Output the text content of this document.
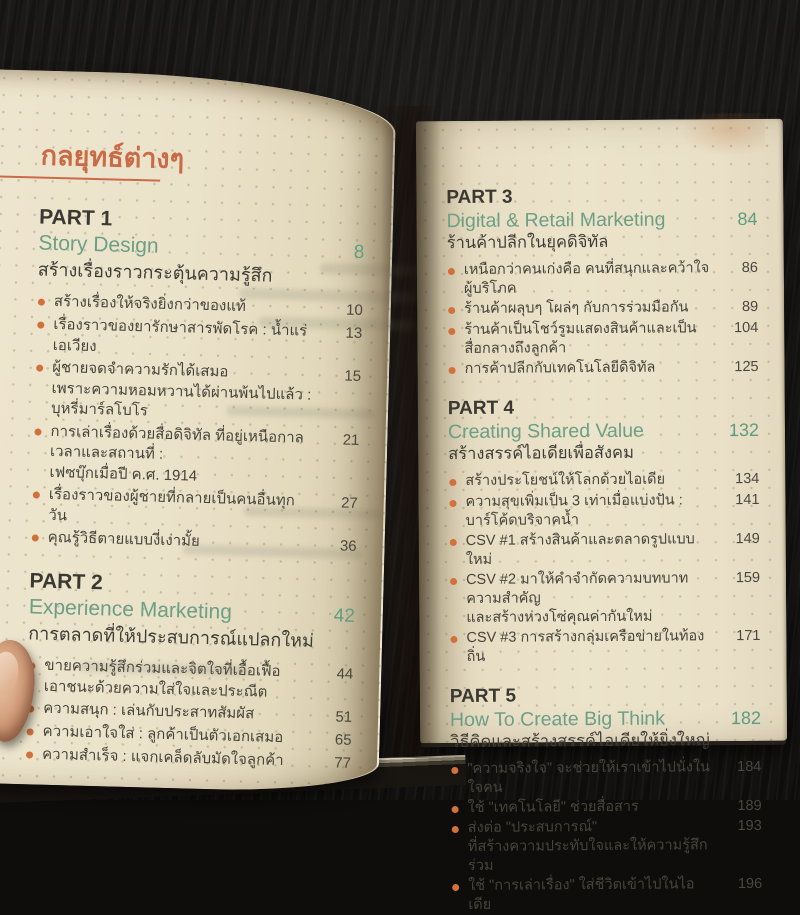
กลยุทธ์ต่างๆ
PART 1
Story Design	8
สร้างเรื่องราวกระตุ้นความรู้สึก
สร้างเรื่องให้จริงยิ่งกว่าของแท้	10
เรื่องราวของยารักษาสารพัดโรค : น้ำแร่เอเวียง
13
ผู้ชายจดจำความรักได้เสมอ
เพราะความหอมหวานได้ผ่านพ้นไปแล้ว : บุหรี่มาร์ลโบโร
15
การเล่าเรื่องด้วยสื่อดิจิทัล ที่อยู่เหนือกาลเวลาและสถานที่ :
เฟซบุ๊กเมื่อปี ค.ศ. 1914
21
เรื่องราวของผู้ชายที่กลายเป็นคนอื่นทุกวัน
27
คุณรู้วิธีตายแบบงี่เง่ามั้ย	36
PART 2
Experience Marketing	42
การตลาดที่ให้ประสบการณ์แปลกใหม่
ขายความรู้สึกร่วมและจิตใจที่เอื้อเฟื้อ
เอาชนะด้วยความใส่ใจและประณีต
44
ความสนุก : เล่นกับประสาทสัมผัส	51
ความเอาใจใส่ : ลูกค้าเป็นตัวเอกเสมอ	65
ความสำเร็จ : แจกเคล็ดลับมัดใจลูกค้า	77
PART 3
Digital & Retail Marketing	84
ร้านค้าปลีกในยุคดิจิทัล
เหนือกว่าคนเก่งคือ คนที่สนุกและคว้าใจผู้บริโภค
86
ร้านค้าผลุบๆ โผล่ๆ กับการร่วมมือกัน	89
ร้านค้าเป็นโชว์รูมแสดงสินค้าและเป็นสื่อกลางถึงลูกค้า
104
การค้าปลีกกับเทคโนโลยีดิจิทัล	125
PART 4
Creating Shared Value	132
สร้างสรรค์ไอเดียเพื่อสังคม
สร้างประโยชน์ให้โลกด้วยไอเดีย	134
ความสุขเพิ่มเป็น 3 เท่าเมื่อแบ่งปัน : บาร์โค้ดบริจาคน้ำ
141
CSV #1 สร้างสินค้าและตลาดรูปแบบใหม่
149
CSV #2 มาให้คำจำกัดความบทบาทความสำคัญ
และสร้างห่วงโซ่คุณค่ากันใหม่
159
CSV #3 การสร้างกลุ่มเครือข่ายในท้องถิ่น
171
PART 5
How To Create Big Think	182
วิธีคิดและสร้างสรรค์ไอเดียให้ยิ่งใหญ่
"ความจริงใจ" จะช่วยให้เราเข้าไปนั่งในใจคน
184
ใช้ "เทคโนโลยี" ช่วยสื่อสาร	189
ส่งต่อ "ประสบการณ์"
ที่สร้างความประทับใจและให้ความรู้สึกร่วม
193
ใช้ "การเล่าเรื่อง" ใส่ชีวิตเข้าไปในไอเดีย
196
